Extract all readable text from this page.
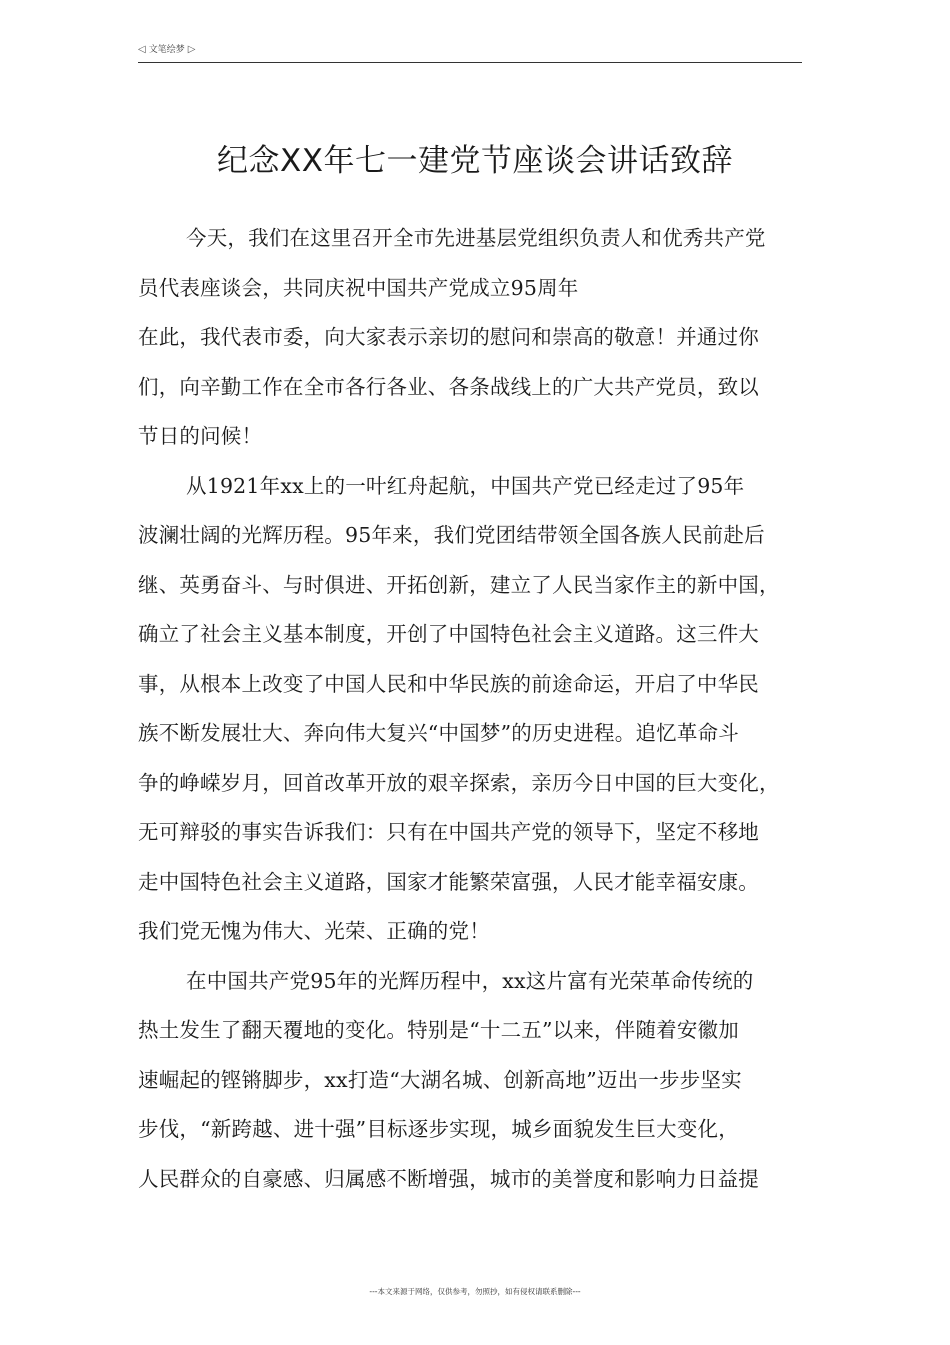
◁ 文笔绘梦 ▷
纪念XX年七一建党节座谈会讲话致辞
今天，我们在这里召开全市先进基层党组织负责人和优秀共产党
员代表座谈会，共同庆祝中国共产党成立95周年
在此，我代表市委，向大家表示亲切的慰问和崇高的敬意！并通过你
们，向辛勤工作在全市各行各业、各条战线上的广大共产党员，致以
节日的问候！
从1921年xx上的一叶红舟起航，中国共产党已经走过了95年
波澜壮阔的光辉历程。95年来，我们党团结带领全国各族人民前赴后
继、英勇奋斗、与时俱进、开拓创新，建立了人民当家作主的新中国，
确立了社会主义基本制度，开创了中国特色社会主义道路。这三件大
事，从根本上改变了中国人民和中华民族的前途命运，开启了中华民
族不断发展壮大、奔向伟大复兴“中国梦”的历史进程。追忆革命斗
争的峥嵘岁月，回首改革开放的艰辛探索，亲历今日中国的巨大变化，
无可辩驳的事实告诉我们：只有在中国共产党的领导下，坚定不移地
走中国特色社会主义道路，国家才能繁荣富强，人民才能幸福安康。
我们党无愧为伟大、光荣、正确的党！
在中国共产党95年的光辉历程中，xx这片富有光荣革命传统的
热土发生了翻天覆地的变化。特别是“十二五”以来，伴随着安徽加
速崛起的铿锵脚步，xx打造“大湖名城、创新高地”迈出一步步坚实
步伐，“新跨越、进十强”目标逐步实现，城乡面貌发生巨大变化，
人民群众的自豪感、归属感不断增强，城市的美誉度和影响力日益提
---本文来源于网络，仅供参考，勿照抄，如有侵权请联系删除---
